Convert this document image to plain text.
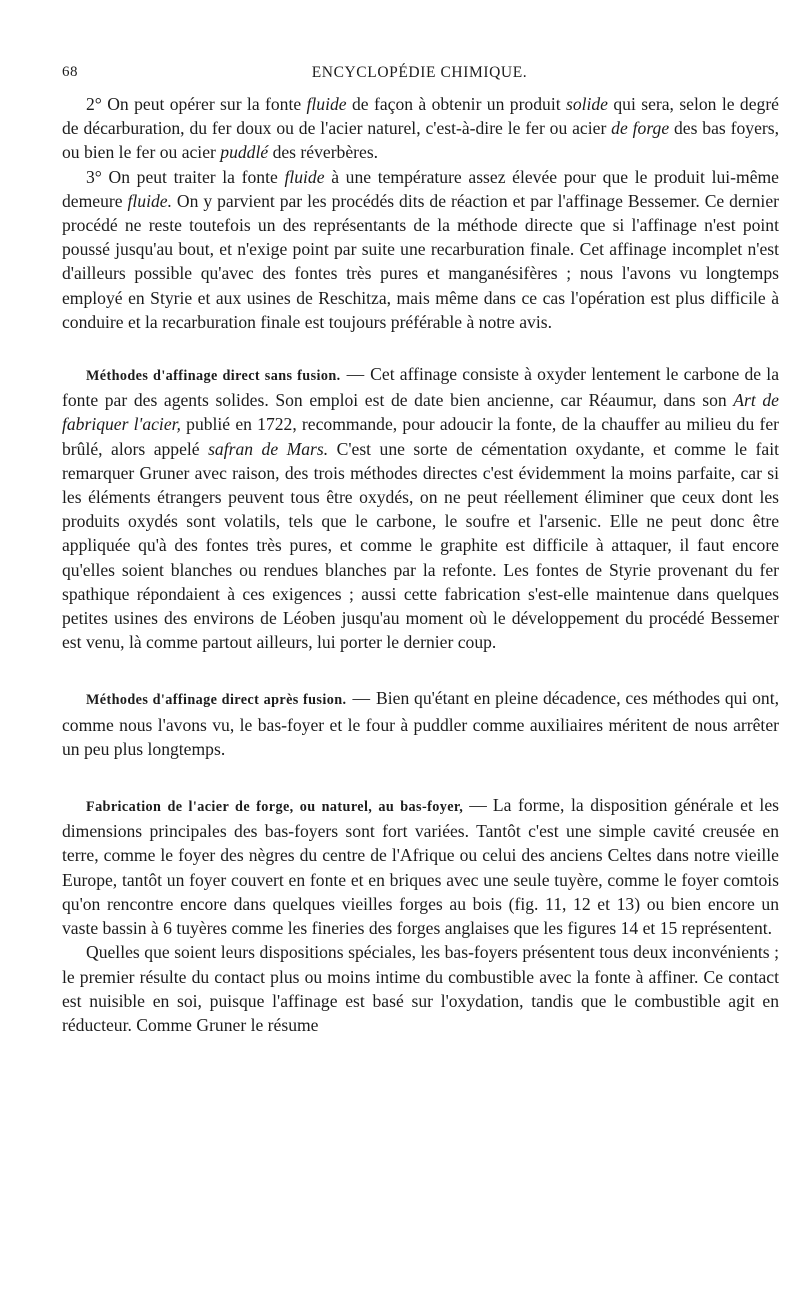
68	ENCYCLOPÉDIE CHIMIQUE.

2° On peut opérer sur la fonte fluide de façon à obtenir un produit solide qui sera, selon le degré de décarburation, du fer doux ou de l'acier naturel, c'est-à-dire le fer ou acier de forge des bas foyers, ou bien le fer ou acier puddlé des réverbères.

3° On peut traiter la fonte fluide à une température assez élevée pour que le produit lui-même demeure fluide. On y parvient par les procédés dits de réaction et par l'affinage Bessemer. Ce dernier procédé ne reste toutefois un des représentants de la méthode directe que si l'affinage n'est point poussé jusqu'au bout, et n'exige point par suite une recarburation finale. Cet affinage incomplet n'est d'ailleurs possible qu'avec des fontes très pures et manganésifères ; nous l'avons vu longtemps employé en Styrie et aux usines de Reschitza, mais même dans ce cas l'opération est plus difficile à conduire et la recarburation finale est toujours préférable à notre avis.

Méthodes d'affinage direct sans fusion. — Cet affinage consiste à oxyder lentement le carbone de la fonte par des agents solides. Son emploi est de date bien ancienne, car Réaumur, dans son Art de fabriquer l'acier, publié en 1722, recommande, pour adoucir la fonte, de la chauffer au milieu du fer brûlé, alors appelé safran de Mars. C'est une sorte de cémentation oxydante, et comme le fait remarquer Gruner avec raison, des trois méthodes directes c'est évidemment la moins parfaite, car si les éléments étrangers peuvent tous être oxydés, on ne peut réellement éliminer que ceux dont les produits oxydés sont volatils, tels que le carbone, le soufre et l'arsenic. Elle ne peut donc être appliquée qu'à des fontes très pures, et comme le graphite est difficile à attaquer, il faut encore qu'elles soient blanches ou rendues blanches par la refonte. Les fontes de Styrie provenant du fer spathique répondaient à ces exigences ; aussi cette fabrication s'est-elle maintenue dans quelques petites usines des environs de Léoben jusqu'au moment où le développement du procédé Bessemer est venu, là comme partout ailleurs, lui porter le dernier coup.

Méthodes d'affinage direct après fusion. — Bien qu'étant en pleine décadence, ces méthodes qui ont, comme nous l'avons vu, le bas-foyer et le four à puddler comme auxiliaires méritent de nous arrêter un peu plus longtemps.

Fabrication de l'acier de forge, ou naturel, au bas-foyer, — La forme, la disposition générale et les dimensions principales des bas-foyers sont fort variées. Tantôt c'est une simple cavité creusée en terre, comme le foyer des nègres du centre de l'Afrique ou celui des anciens Celtes dans notre vieille Europe, tantôt un foyer couvert en fonte et en briques avec une seule tuyère, comme le foyer comtois qu'on rencontre encore dans quelques vieilles forges au bois (fig. 11, 12 et 13) ou bien encore un vaste bassin à 6 tuyères comme les fineries des forges anglaises que les figures 14 et 15 représentent.

Quelles que soient leurs dispositions spéciales, les bas-foyers présentent tous deux inconvénients ; le premier résulte du contact plus ou moins intime du combustible avec la fonte à affiner. Ce contact est nuisible en soi, puisque l'affinage est basé sur l'oxydation, tandis que le combustible agit en réducteur. Comme Gruner le résume
